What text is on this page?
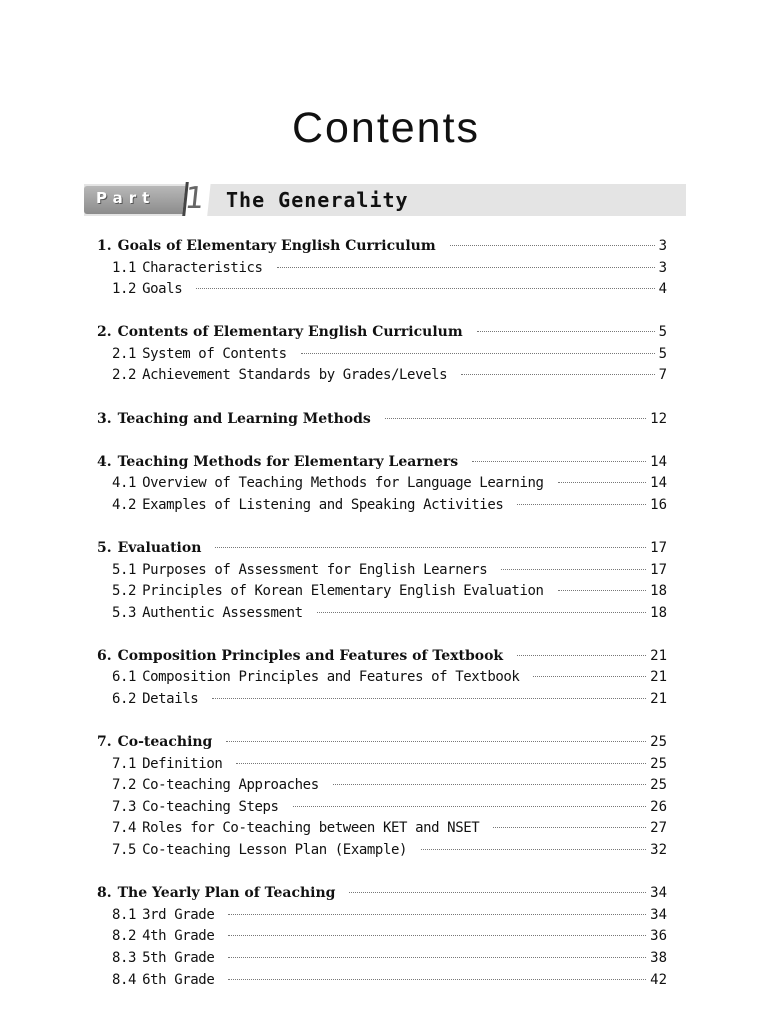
Contents
Part 1 The Generality
1. Goals of Elementary English Curriculum	3
1.1 Characteristics	3
1.2 Goals	4
2. Contents of Elementary English Curriculum	5
2.1 System of Contents	5
2.2 Achievement Standards by Grades/Levels	7
3. Teaching and Learning Methods	12
4. Teaching Methods for Elementary Learners	14
4.1 Overview of Teaching Methods for Language Learning	14
4.2 Examples of Listening and Speaking Activities	16
5. Evaluation	17
5.1 Purposes of Assessment for English Learners	17
5.2 Principles of Korean Elementary English Evaluation	18
5.3 Authentic Assessment	18
6. Composition Principles and Features of Textbook	21
6.1 Composition Principles and Features of Textbook	21
6.2 Details	21
7. Co-teaching	25
7.1 Definition	25
7.2 Co-teaching Approaches	25
7.3 Co-teaching Steps	26
7.4 Roles for Co-teaching between KET and NSET	27
7.5 Co-teaching Lesson Plan (Example)	32
8. The Yearly Plan of Teaching	34
8.1 3rd Grade	34
8.2 4th Grade	36
8.3 5th Grade	38
8.4 6th Grade	42
